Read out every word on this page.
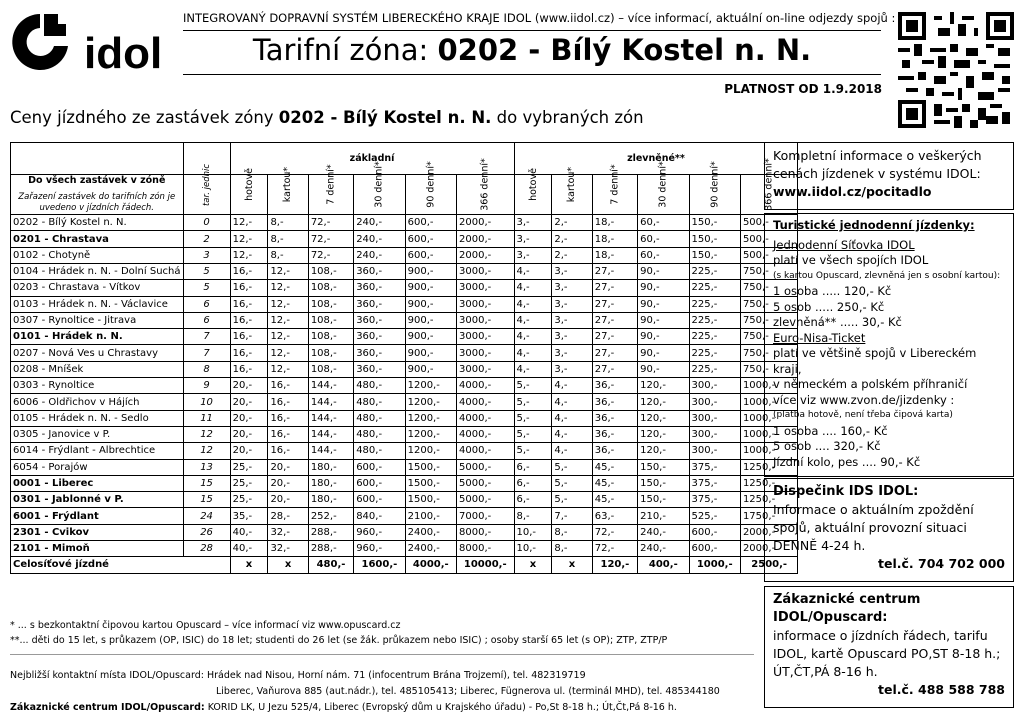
idol
INTEGROVANÝ DOPRAVNÍ SYSTÉM LIBERECKÉHO KRAJE IDOL (www.iidol.cz) – více informací, aktuální on-line odjezdy spojů :
Tarifní zóna: 0202 - Bílý Kostel n. N.
PLATNOST OD 1.9.2018
Ceny jízdného ze zastávek zóny 0202 - Bílý Kostel n. N. do vybraných zón
		základní						zlevněné**					

Do všech zastávek v zóně
Zařazení zastávek do tarifních zón je uvedeno v jízdních řádech.	tar. jednic	hotově	kartou*	7 denní*	30 denní*	90 denní*	366 denní*	hotově	kartou*	7 denní*	30 denní*	90 denní*	366 denní*
0202 - Bílý Kostel n. N.	0	12,-	8,-	72,-	240,-	600,-	2000,-	3,-	2,-	18,-	60,-	150,-	500,-
0201 - Chrastava	2	12,-	8,-	72,-	240,-	600,-	2000,-	3,-	2,-	18,-	60,-	150,-	500,-
0102 - Chotyně	3	12,-	8,-	72,-	240,-	600,-	2000,-	3,-	2,-	18,-	60,-	150,-	500,-
0104 - Hrádek n. N. - Dolní Suchá	5	16,-	12,-	108,-	360,-	900,-	3000,-	4,-	3,-	27,-	90,-	225,-	750,-
0203 - Chrastava - Vítkov	5	16,-	12,-	108,-	360,-	900,-	3000,-	4,-	3,-	27,-	90,-	225,-	750,-
0103 - Hrádek n. N. - Václavice	6	16,-	12,-	108,-	360,-	900,-	3000,-	4,-	3,-	27,-	90,-	225,-	750,-
0307 - Rynoltice - Jitrava	6	16,-	12,-	108,-	360,-	900,-	3000,-	4,-	3,-	27,-	90,-	225,-	750,-
0101 - Hrádek n. N.	7	16,-	12,-	108,-	360,-	900,-	3000,-	4,-	3,-	27,-	90,-	225,-	750,-
0207 - Nová Ves u Chrastavy	7	16,-	12,-	108,-	360,-	900,-	3000,-	4,-	3,-	27,-	90,-	225,-	750,-
0208 - Mníšek	8	16,-	12,-	108,-	360,-	900,-	3000,-	4,-	3,-	27,-	90,-	225,-	750,-
0303 - Rynoltice	9	20,-	16,-	144,-	480,-	1200,-	4000,-	5,-	4,-	36,-	120,-	300,-	1000,-
6006 - Oldřichov v Hájích	10	20,-	16,-	144,-	480,-	1200,-	4000,-	5,-	4,-	36,-	120,-	300,-	1000,-
0105 - Hrádek n. N. - Sedlo	11	20,-	16,-	144,-	480,-	1200,-	4000,-	5,-	4,-	36,-	120,-	300,-	1000,-
0305 - Janovice v P.	12	20,-	16,-	144,-	480,-	1200,-	4000,-	5,-	4,-	36,-	120,-	300,-	1000,-
6014 - Frýdlant - Albrechtice	12	20,-	16,-	144,-	480,-	1200,-	4000,-	5,-	4,-	36,-	120,-	300,-	1000,-
6054 - Porajów	13	25,-	20,-	180,-	600,-	1500,-	5000,-	6,-	5,-	45,-	150,-	375,-	1250,-
0001 - Liberec	15	25,-	20,-	180,-	600,-	1500,-	5000,-	6,-	5,-	45,-	150,-	375,-	1250,-
0301 - Jablonné v P.	15	25,-	20,-	180,-	600,-	1500,-	5000,-	6,-	5,-	45,-	150,-	375,-	1250,-
6001 - Frýdlant	24	35,-	28,-	252,-	840,-	2100,-	7000,-	8,-	7,-	63,-	210,-	525,-	1750,-
2301 - Cvikov	26	40,-	32,-	288,-	960,-	2400,-	8000,-	10,-	8,-	72,-	240,-	600,-	2000,-
2101 - Mimoň	28	40,-	32,-	288,-	960,-	2400,-	8000,-	10,-	8,-	72,-	240,-	600,-	2000,-
Celosíťové jízdné		x	x	480,-	1600,-	4000,-	10000,-	x	x	120,-	400,-	1000,-	2500,-
* ... s bezkontaktní čipovou kartou Opuscard – více informací viz www.opuscard.cz
**... děti do 15 let, s průkazem (OP, ISIC) do 18 let; studenti do 26 let (se žák. průkazem nebo ISIC) ; osoby starší 65 let (s OP); ZTP, ZTP/P
Nejbližší kontaktní místa IDOL/Opuscard: Hrádek nad Nisou, Horní nám. 71 (infocentrum Brána Trojzemí), tel. 482319719
Liberec, Vaňurova 885 (aut.nádr.), tel. 485105413; Liberec, Fügnerova ul. (terminál MHD), tel. 485344180
Zákaznické centrum IDOL/Opuscard: KORID LK, U Jezu 525/4, Liberec (Evropský dům u Krajského úřadu) - Po,St 8-18 h.; Út,Čt,Pá 8-16 h.
Kompletní informace o veškerých cenách jízdenek v systému IDOL:
www.iidol.cz/pocitadlo
Turistické jednodenní jízdenky:
Jednodenní Síťovka IDOL
platí ve všech spojích IDOL
(s kartou Opuscard, zlevněná jen s osobní kartou):
1 osoba ..... 120,- Kč
5 osob ..... 250,- Kč
zlevněná** ..... 30,- Kč
Euro-Nisa-Ticket
platí ve většině spojů v Libereckém kraji,
v německém a polském příhraničí
více viz www.zvon.de/jizdenky :
(platba hotově, není třeba čipová karta)
1 osoba .... 160,- Kč
5 osob .... 320,- Kč
Jízdní kolo, pes .... 90,- Kč
Dispečink IDS IDOL:
Informace o aktuálním zpoždění spojů, aktuální provozní situaci DENNĚ 4-24 h.
tel.č. 704 702 000
Zákaznické centrum IDOL/Opuscard:
informace o jízdních řádech, tarifu IDOL, kartě Opuscard PO,ST 8-18 h.; ÚT,ČT,PÁ 8-16 h.
tel.č. 488 588 788
